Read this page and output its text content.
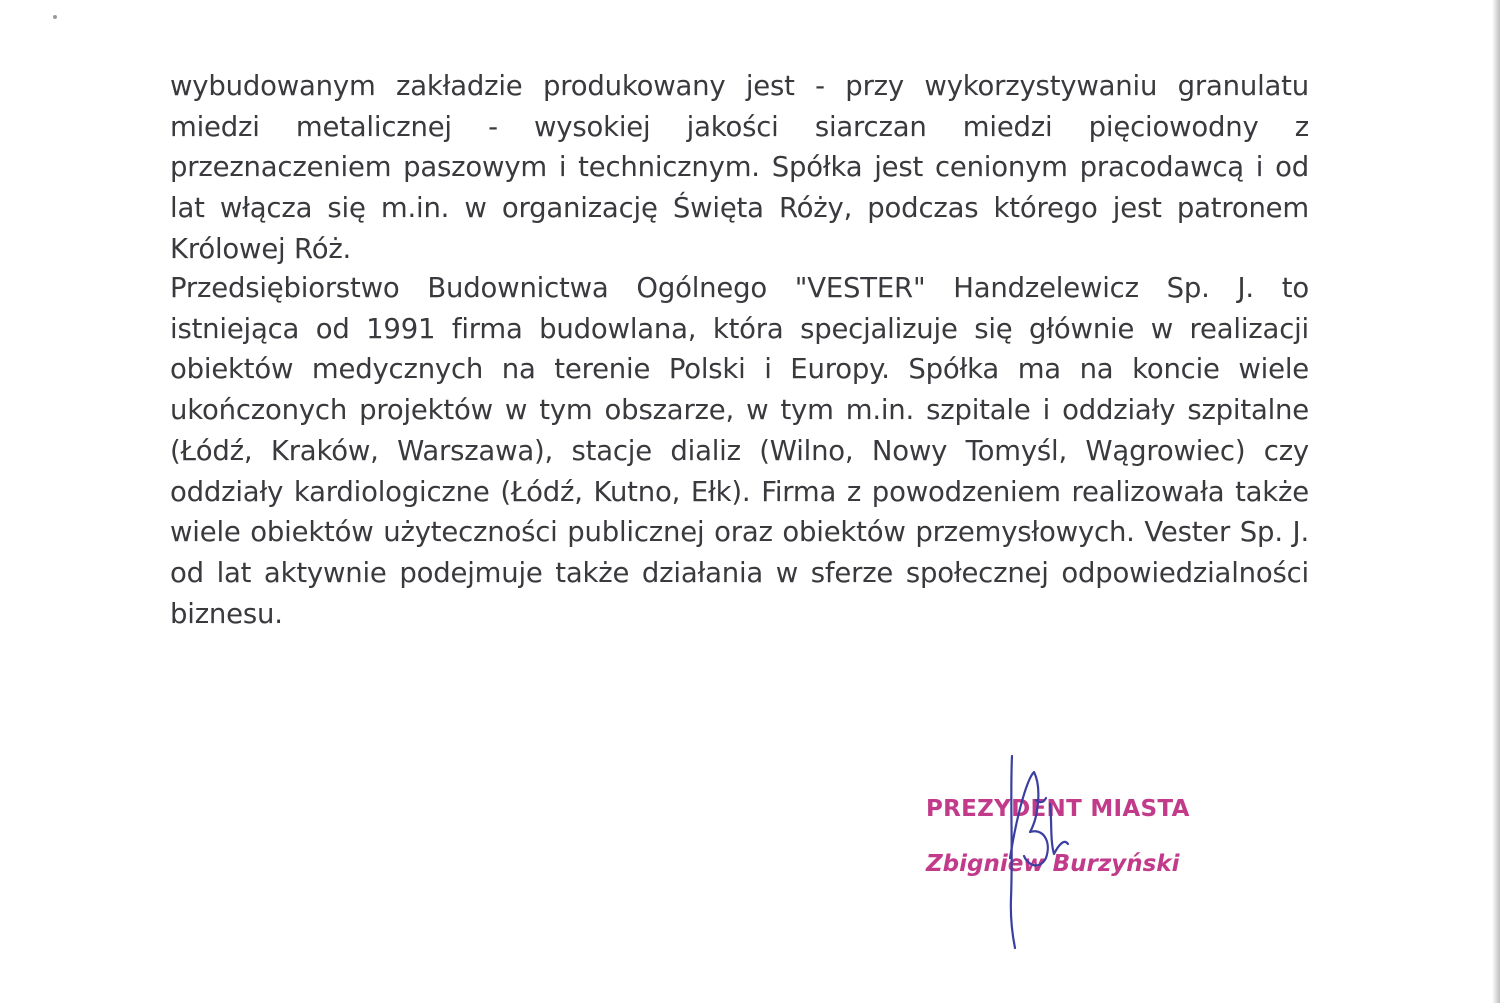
wybudowanym zakładzie produkowany jest - przy wykorzystywaniu granulatu miedzi metalicznej - wysokiej jakości siarczan miedzi pięciowodny z przeznaczeniem paszowym i technicznym. Spółka jest cenionym pracodawcą i od lat włącza się m.in. w organizację Święta Róży, podczas którego jest patronem Królowej Róż.

Przedsiębiorstwo Budownictwa Ogólnego "VESTER" Handzelewicz Sp. J. to istniejąca od 1991 firma budowlana, która specjalizuje się głównie w realizacji obiektów medycznych na terenie Polski i Europy. Spółka ma na koncie wiele ukończonych projektów w tym obszarze, w tym m.in. szpitale i oddziały szpitalne (Łódź, Kraków, Warszawa), stacje dializ (Wilno, Nowy Tomyśl, Wągrowiec) czy oddziały kardiologiczne (Łódź, Kutno, Ełk). Firma z powodzeniem realizowała także wiele obiektów użyteczności publicznej oraz obiektów przemysłowych. Vester Sp. J. od lat aktywnie podejmuje także działania w sferze społecznej odpowiedzialności biznesu.

PREZYDENT MIASTA
Zbigniew Burzyński
